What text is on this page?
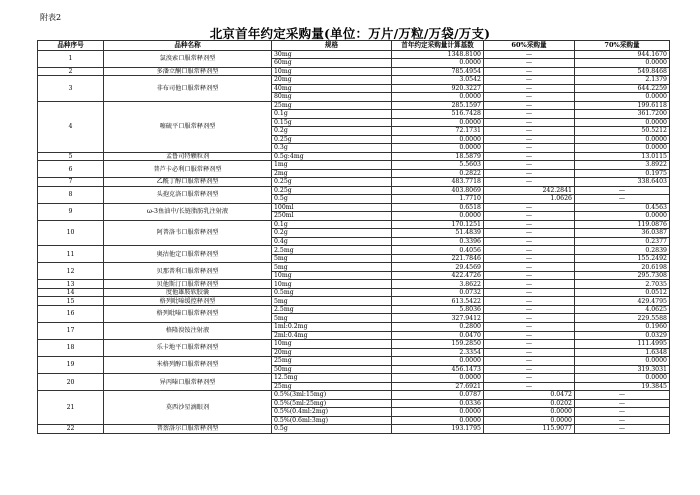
附表2
北京首年约定采购量(单位：万片/万粒/万袋/万支)
品种序号	品种名称	规格	首年约定采购量计算基数	60%采购量	70%采购量
1	氯溴索口服常释剂型	30mg	1348.8100	—	944.1670
		60mg	0.0000	—	0.0000
2	多潘立酮口服常释剂型	10mg	785.4954	—	549.8468
3	非布司他口服常释剂型	20mg	3.0542	—	2.1379
		40mg	920.3227	—	644.2259
		80mg	0.0000	—	0.0000
4	噻硫平口服常释剂型	25mg	285.1597	—	199.6118
		0.1g	516.7428	—	361.7200
		0.15g	0.0000	—	0.0000
		0.2g	72.1731	—	50.5212
		0.25g	0.0000	—	0.0000
		0.3g	0.0000	—	0.0000
5	孟鲁司特颗粒剂	0.5g:4mg	18.5879	—	13.0115
6	普芦卡必利口服常释剂型	1mg	5.5603	—	3.8922
		2mg	0.2822	—	0.1975
7	乙酰丁醇口服常释剂型	0.25g	483.7718	—	338.6403
8	头孢克洛口服常释剂型	0.25g	403.8069	242.2841	—
		0.5g	1.7710	1.0626	—
9	ω-3鱼油中/长链脂肪乳注射液	100ml	0.6518	—	0.4563
		250ml	0.0000	—	0.0000
10	阿普洛韦口服常释剂型	0.1g	170.1251	—	119.0876
		0.2g	51.4839	—	36.0387
		0.4g	0.3396	—	0.2377
11	奥沽他定口服常释剂型	2.5mg	0.4056	—	0.2839
		5mg	221.7846	—	155.2492
12	贝那普利口服常释剂型	5mg	29.4569	—	20.6198
		10mg	422.4726	—	295.7308
13	贝他斯汀口服常释剂型	10mg	3.8622	—	2.7035
14	度他雄胺软胶囊	0.5mg	0.0732	—	0.0512
15	格列吡嗪缓控释剂型	5mg	613.5422	—	429.4795
16	格列吡嗪口服常释剂型	2.5mg	5.8036	—	4.0625
		5mg	327.9412	—	229.5588
17	格隆溴铵注射液	1ml:0.2mg	0.2800	—	0.1960
		2ml:0.4mg	0.0470	—	0.0329
18	乐卡地平口服常释剂型	10mg	159.2850	—	111.4995
		20mg	2.3354	—	1.6348
19	米格列醇口服常释剂型	25mg	0.0000	—	0.0000
		50mg	456.1473	—	319.3031
20	异丙嗪口服常释剂型	12.5mg	0.0000	—	0.0000
		25mg	27.6921	—	19.3845
21	莫西沙星滴眼剂	0.5%(3ml:15mg)	0.0787	0.0472	—
		0.5%(5ml:25mg)	0.0336	0.0202	—
		0.5%(0.4ml:2mg)	0.0000	0.0000	—
		0.5%(0.6ml:3mg)	0.0000	0.0000	—
22	普萘洛尔口服常释剂型	0.5g	193.1795	115.9077	—
